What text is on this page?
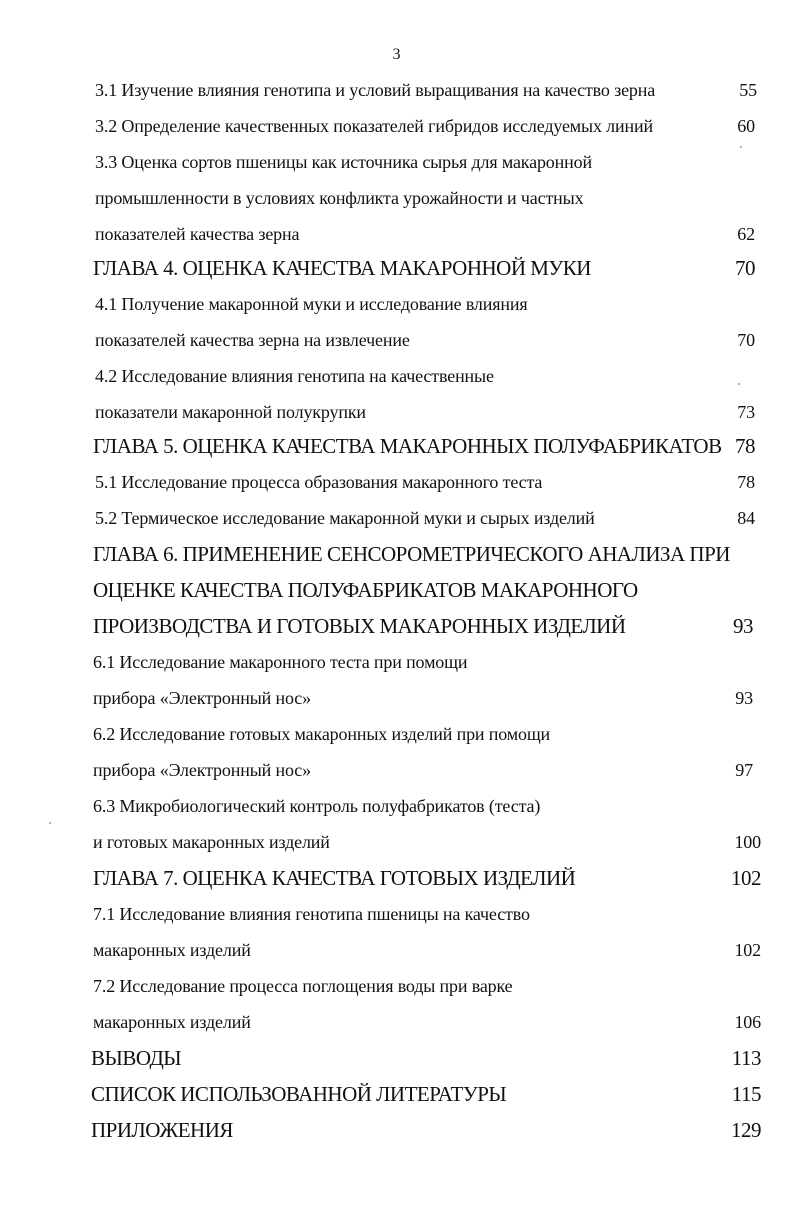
3
3.1 Изучение влияния генотипа и условий выращивания на качество зерна	55
3.2 Определение качественных показателей гибридов исследуемых линий	60
3.3 Оценка сортов пшеницы как источника сырья для макаронной
промышленности в условиях конфликта урожайности и частных
показателей качества зерна	62
ГЛАВА 4. ОЦЕНКА КАЧЕСТВА МАКАРОННОЙ МУКИ	70
4.1 Получение макаронной муки и исследование влияния
показателей качества зерна на извлечение	70
4.2 Исследование влияния генотипа на качественные
показатели макаронной полукрупки	73
ГЛАВА 5. ОЦЕНКА КАЧЕСТВА МАКАРОННЫХ ПОЛУФАБРИКАТОВ 78
5.1 Исследование процесса образования макаронного теста	78
5.2 Термическое исследование макаронной муки и сырых изделий	84
ГЛАВА 6. ПРИМЕНЕНИЕ СЕНСОРОМЕТРИЧЕСКОГО АНАЛИЗА ПРИ
ОЦЕНКЕ КАЧЕСТВА ПОЛУФАБРИКАТОВ МАКАРОННОГО
ПРОИЗВОДСТВА И ГОТОВЫХ МАКАРОННЫХ ИЗДЕЛИЙ	93
6.1 Исследование макаронного теста при помощи
прибора «Электронный нос»	93
6.2 Исследование готовых макаронных изделий при помощи
прибора «Электронный нос»	97
6.3 Микробиологический контроль полуфабрикатов (теста)
и готовых макаронных изделий	100
ГЛАВА 7. ОЦЕНКА КАЧЕСТВА ГОТОВЫХ ИЗДЕЛИЙ	102
7.1 Исследование влияния генотипа пшеницы на качество
макаронных изделий	102
7.2 Исследование процесса поглощения воды при варке
макаронных изделий	106
ВЫВОДЫ	113
СПИСОК ИСПОЛЬЗОВАННОЙ ЛИТЕРАТУРЫ	115
ПРИЛОЖЕНИЯ	129
